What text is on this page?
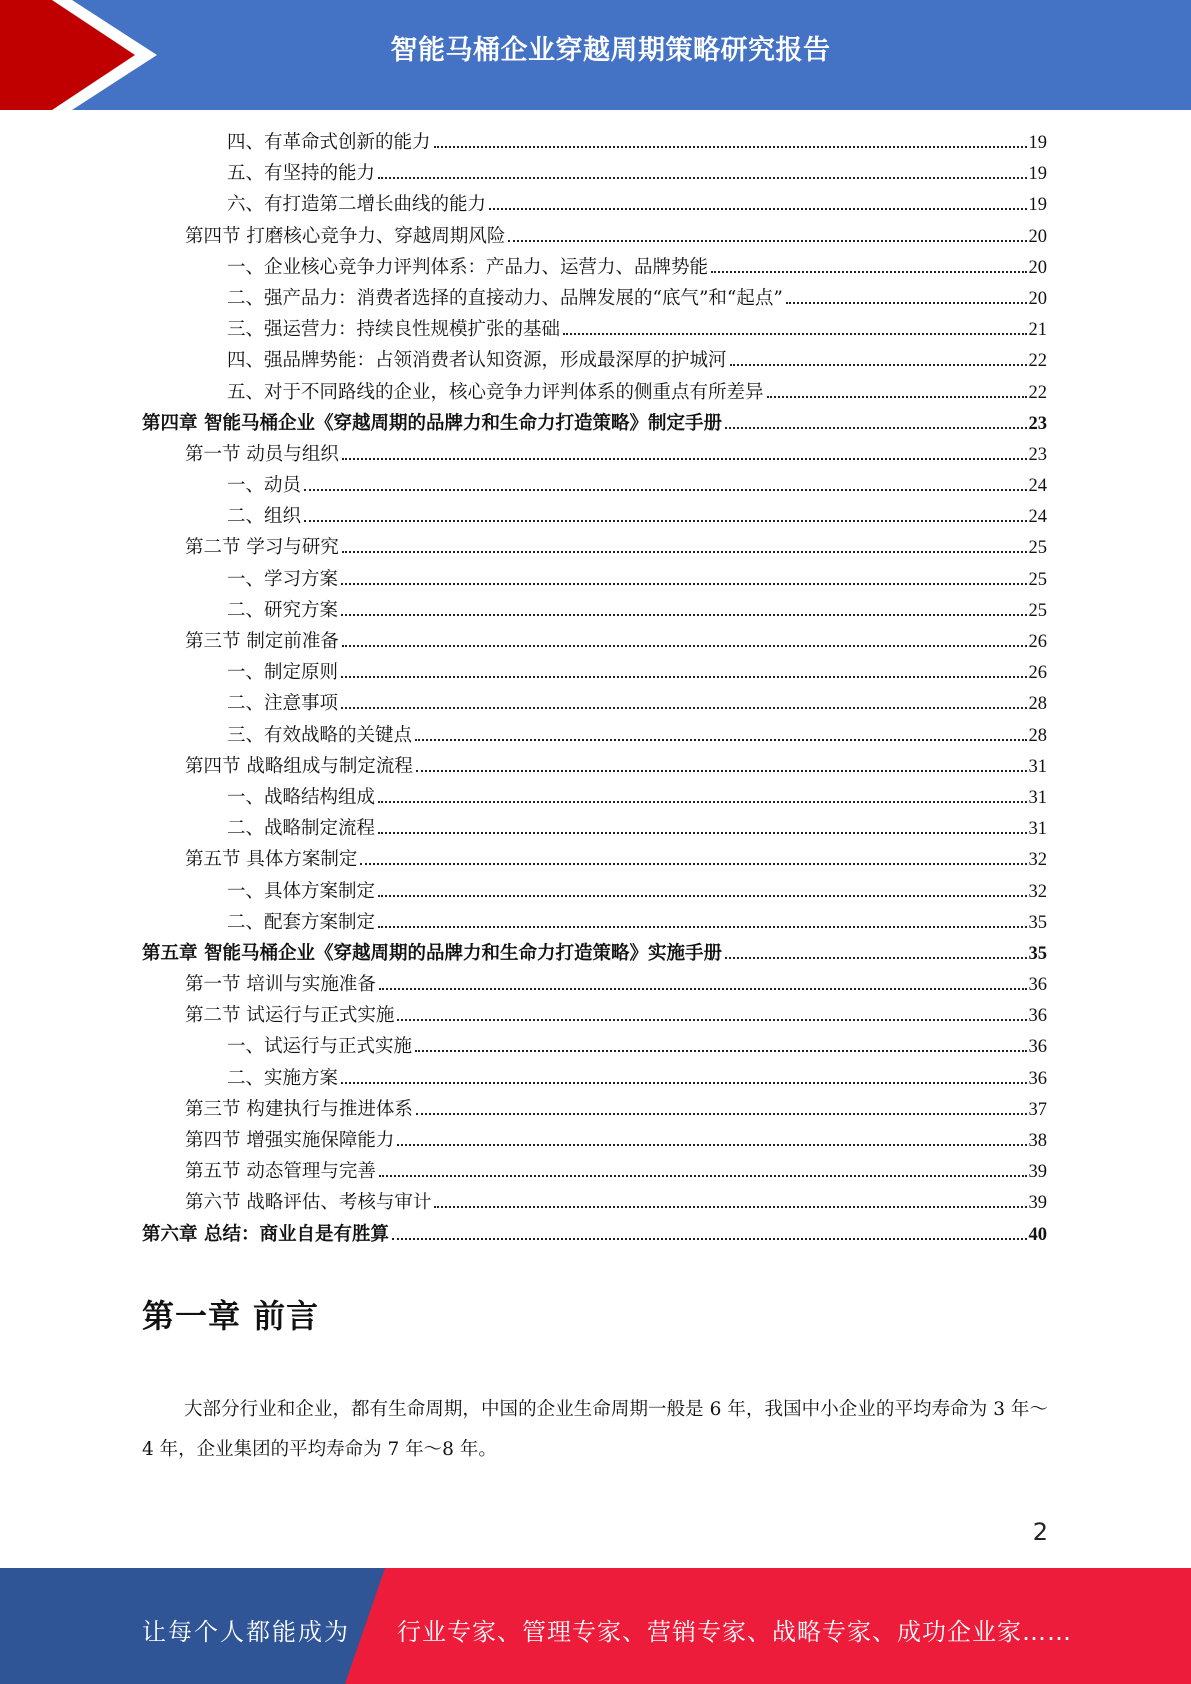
智能马桶企业穿越周期策略研究报告
四、有革命式创新的能力	19
五、有坚持的能力	19
六、有打造第二增长曲线的能力	19
第四节 打磨核心竞争力、穿越周期风险	20
一、企业核心竞争力评判体系：产品力、运营力、品牌势能	20
二、强产品力：消费者选择的直接动力、品牌发展的“底气”和“起点”	20
三、强运营力：持续良性规模扩张的基础	21
四、强品牌势能：占领消费者认知资源，形成最深厚的护城河	22
五、对于不同路线的企业，核心竞争力评判体系的侧重点有所差异	22
第四章 智能马桶企业《穿越周期的品牌力和生命力打造策略》制定手册	23
第一节 动员与组织	23
一、动员	24
二、组织	24
第二节 学习与研究	25
一、学习方案	25
二、研究方案	25
第三节 制定前准备	26
一、制定原则	26
二、注意事项	28
三、有效战略的关键点	28
第四节 战略组成与制定流程	31
一、战略结构组成	31
二、战略制定流程	31
第五节 具体方案制定	32
一、具体方案制定	32
二、配套方案制定	35
第五章 智能马桶企业《穿越周期的品牌力和生命力打造策略》实施手册	35
第一节 培训与实施准备	36
第二节 试运行与正式实施	36
一、试运行与正式实施	36
二、实施方案	36
第三节 构建执行与推进体系	37
第四节 增强实施保障能力	38
第五节 动态管理与完善	39
第六节 战略评估、考核与审计	39
第六章 总结：商业自是有胜算	40
第一章 前言
大部分行业和企业，都有生命周期，中国的企业生命周期一般是 6 年，我国中小企业的平均寿命为 3 年～4 年，企业集团的平均寿命为 7 年～8 年。
2
让每个人都能成为 行业专家、管理专家、营销专家、战略专家、成功企业家……
